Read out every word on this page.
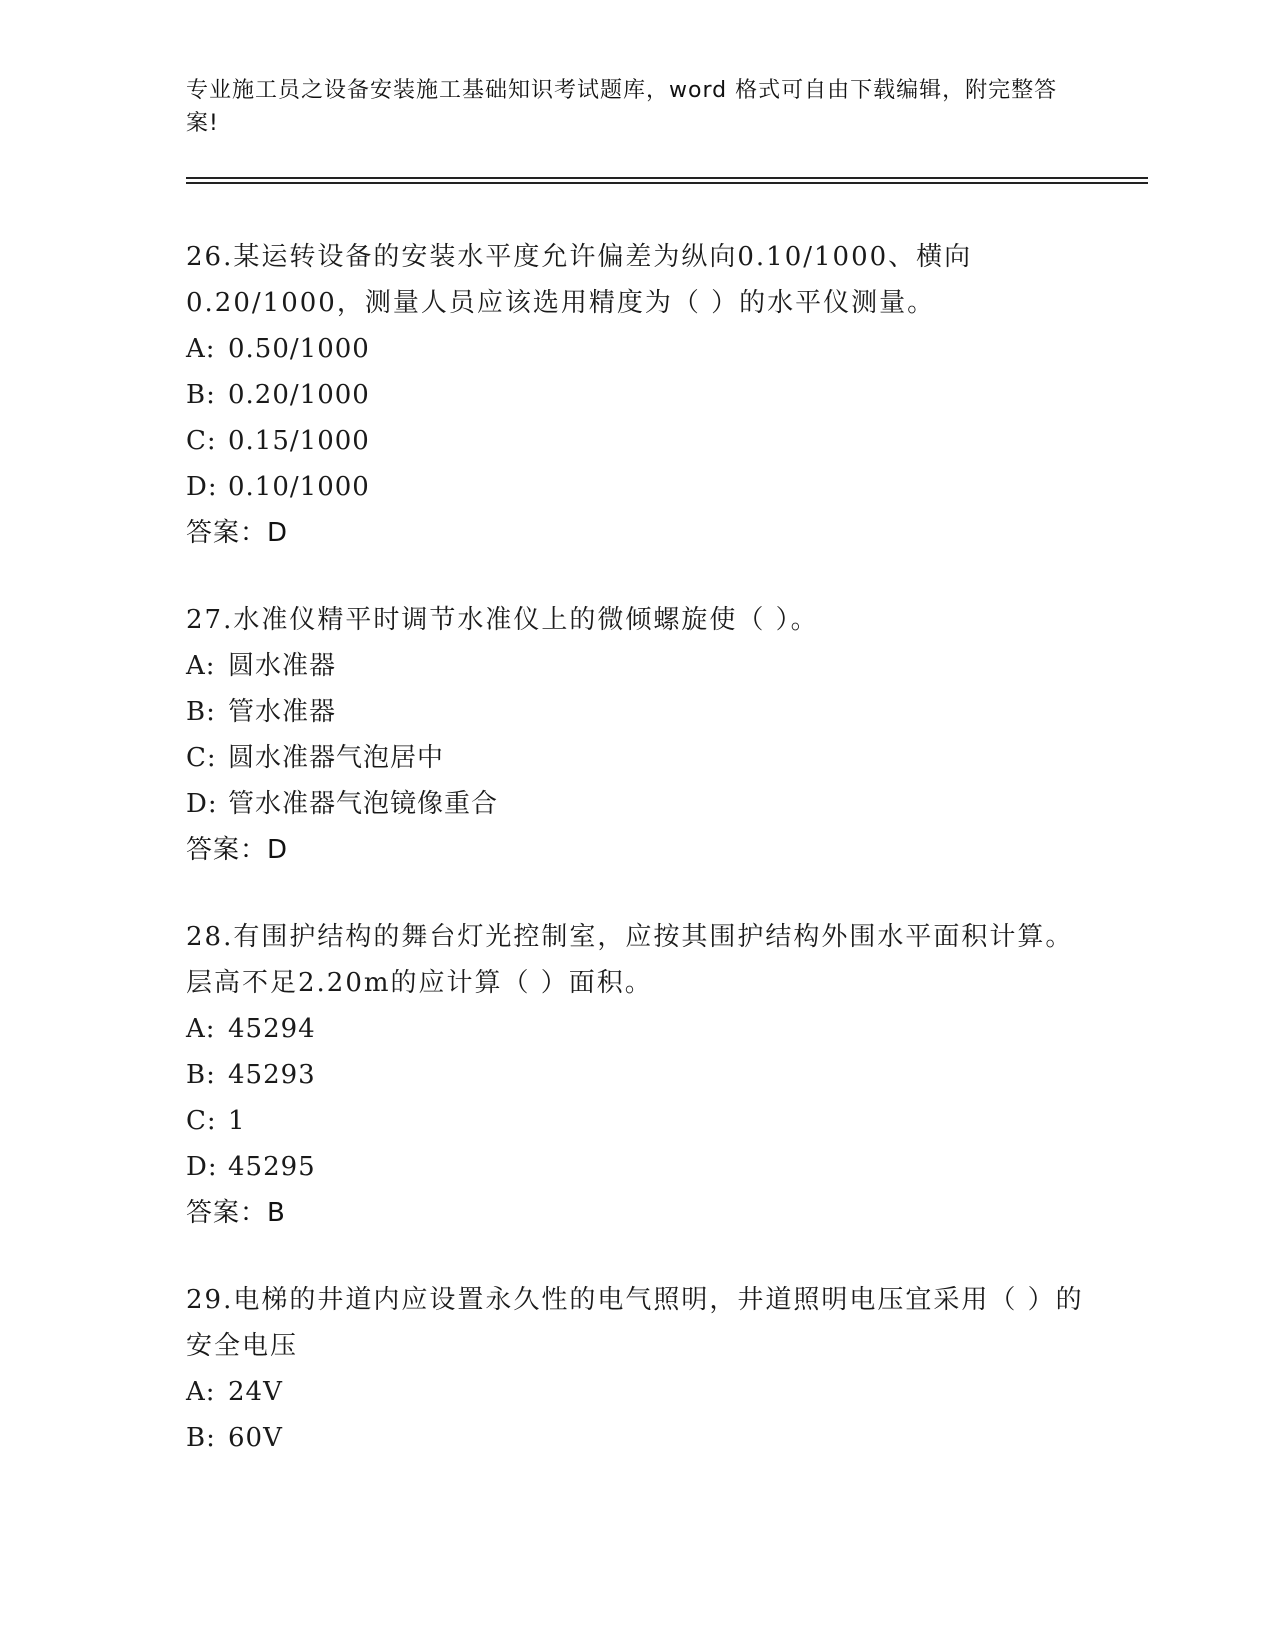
专业施工员之设备安装施工基础知识考试题库，word 格式可自由下载编辑，附完整答案!

26.某运转设备的安装水平度允许偏差为纵向0.10/1000、横向0.20/1000，测量人员应该选用精度为（ ）的水平仪测量。

A: 0.50/1000

B: 0.20/1000

C: 0.15/1000

D: 0.10/1000

答案：D

27.水准仪精平时调节水准仪上的微倾螺旋使（ ）。

A: 圆水准器

B: 管水准器

C: 圆水准器气泡居中

D: 管水准器气泡镜像重合

答案：D

28.有围护结构的舞台灯光控制室，应按其围护结构外围水平面积计算。层高不足2.20m的应计算（ ）面积。

A: 45294

B: 45293

C: 1

D: 45295

答案：B

29.电梯的井道内应设置永久性的电气照明，井道照明电压宜采用（ ）的安全电压

A: 24V

B: 60V
